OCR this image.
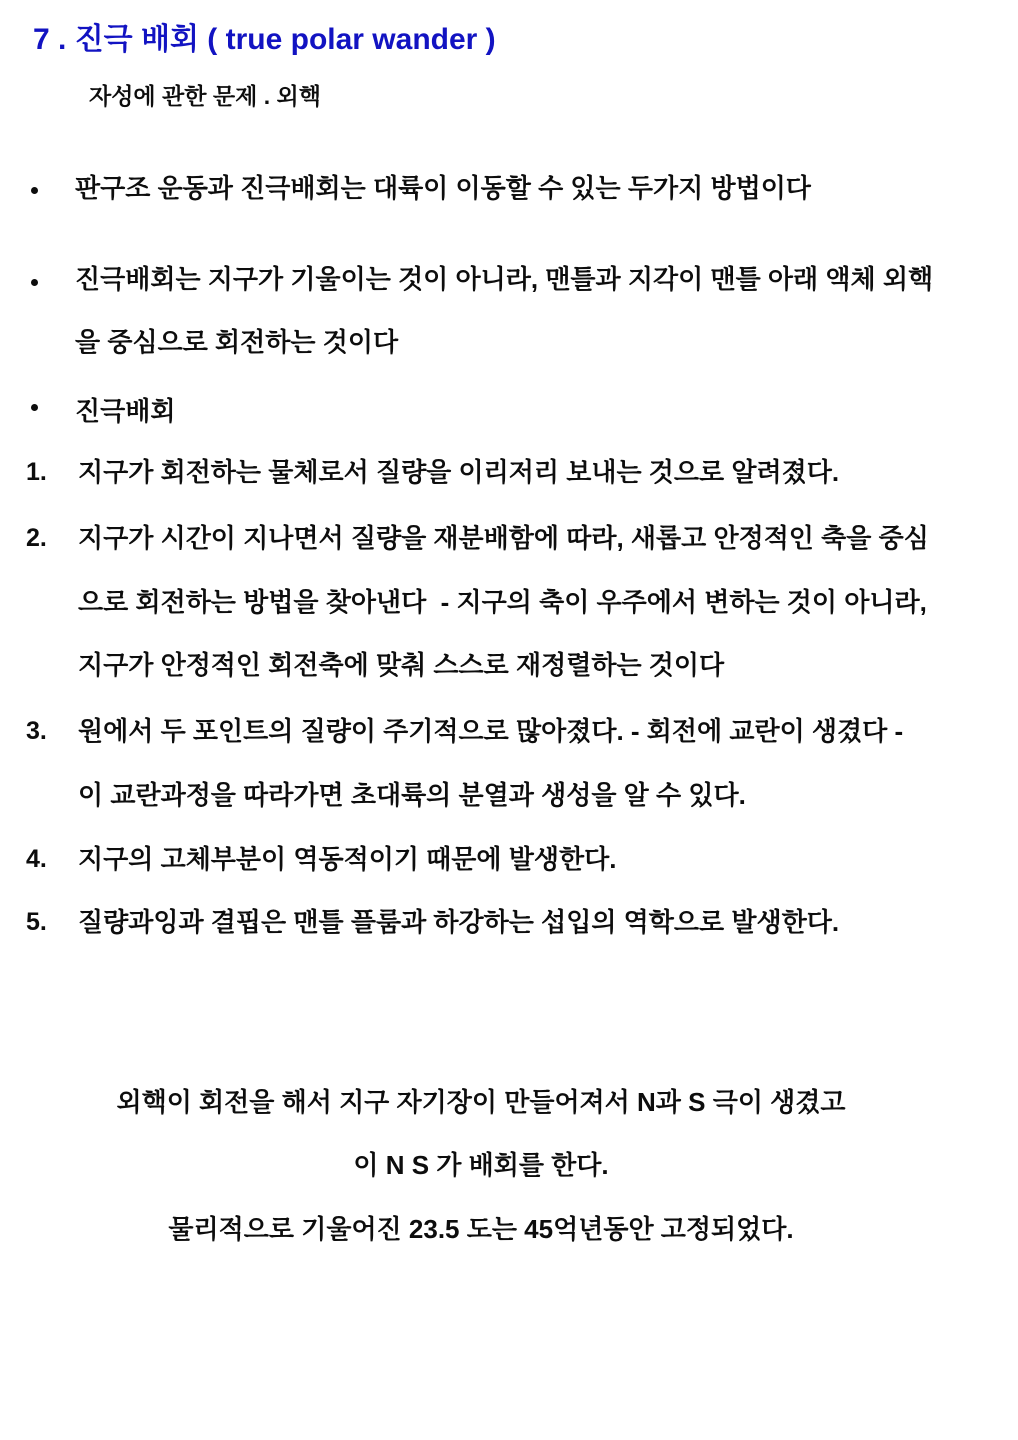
7 . 진극 배회 ( true polar wander )
자성에 관한 문제 . 외핵
판구조 운동과 진극배회는 대륙이 이동할 수 있는 두가지 방법이다
진극배회는 지구가 기울이는 것이 아니라, 맨틀과 지각이 맨틀 아래 액체 외핵
을 중심으로 회전하는 것이다
진극배회
1. 지구가 회전하는 물체로서 질량을 이리저리 보내는 것으로 알려졌다.
2. 지구가 시간이 지나면서 질량을 재분배함에 따라, 새롭고 안정적인 축을 중심
으로 회전하는 방법을 찾아낸다  - 지구의 축이 우주에서 변하는 것이 아니라,
지구가 안정적인 회전축에 맞춰 스스로 재정렬하는 것이다
3. 원에서 두 포인트의 질량이 주기적으로 많아졌다. - 회전에 교란이 생겼다 -
이 교란과정을 따라가면 초대륙의 분열과 생성을 알 수 있다.
4. 지구의 고체부분이 역동적이기 때문에 발생한다.
5. 질량과잉과 결핍은 맨틀 플룸과 하강하는 섭입의 역학으로 발생한다.
외핵이 회전을 해서 지구 자기장이 만들어져서 N과 S 극이 생겼고
이 N S 가 배회를 한다.
물리적으로 기울어진 23.5 도는 45억년동안 고정되었다.
